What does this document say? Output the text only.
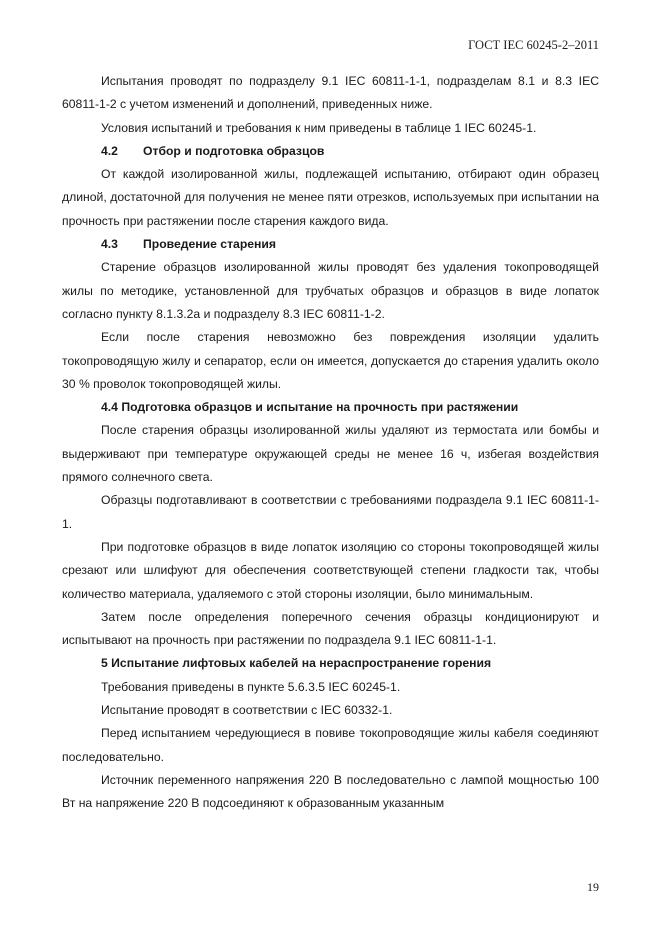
ГОСТ IEC 60245-2–2011

Испытания проводят по подразделу 9.1 IEC 60811-1-1, подразделам 8.1 и 8.3 IEC 60811-1-2 с учетом изменений и дополнений, приведенных ниже.

Условия испытаний и требования к ним приведены в таблице 1 IEC 60245-1.

4.2 Отбор и подготовка образцов

От каждой изолированной жилы, подлежащей испытанию, отбирают один образец длиной, достаточной для получения не менее пяти отрезков, используемых при испытании на прочность при растяжении после старения каждого вида.

4.3 Проведение старения

Старение образцов изолированной жилы проводят без удаления токопроводящей жилы по методике, установленной для трубчатых образцов и образцов в виде лопаток согласно пункту 8.1.3.2а и подразделу 8.3 IEC 60811-1-2.

Если после старения невозможно без повреждения изоляции удалить токопроводящую жилу и сепаратор, если он имеется, допускается до старения удалить около 30 % проволок токопроводящей жилы.

4.4 Подготовка образцов и испытание на прочность при растяжении

После старения образцы изолированной жилы удаляют из термостата или бомбы и выдерживают при температуре окружающей среды не менее 16 ч, избегая воздействия прямого солнечного света.

Образцы подготавливают в соответствии с требованиями подраздела 9.1 IEC 60811-1-1.

При подготовке образцов в виде лопаток изоляцию со стороны токопроводящей жилы срезают или шлифуют для обеспечения соответствующей степени гладкости так, чтобы количество материала, удаляемого с этой стороны изоляции, было минимальным.

Затем после определения поперечного сечения образцы кондиционируют и испытывают на прочность при растяжении по подраздела 9.1 IEC 60811-1-1.

5 Испытание лифтовых кабелей на нераспространение горения

Требования приведены в пункте 5.6.3.5 IEC 60245-1.

Испытание проводят в соответствии с IEC 60332-1.

Перед испытанием чередующиеся в повиве токопроводящие жилы кабеля соединяют последовательно.

Источник переменного напряжения 220 В последовательно с лампой мощностью 100 Вт на напряжение 220 В подсоединяют к образованным указанным

19
